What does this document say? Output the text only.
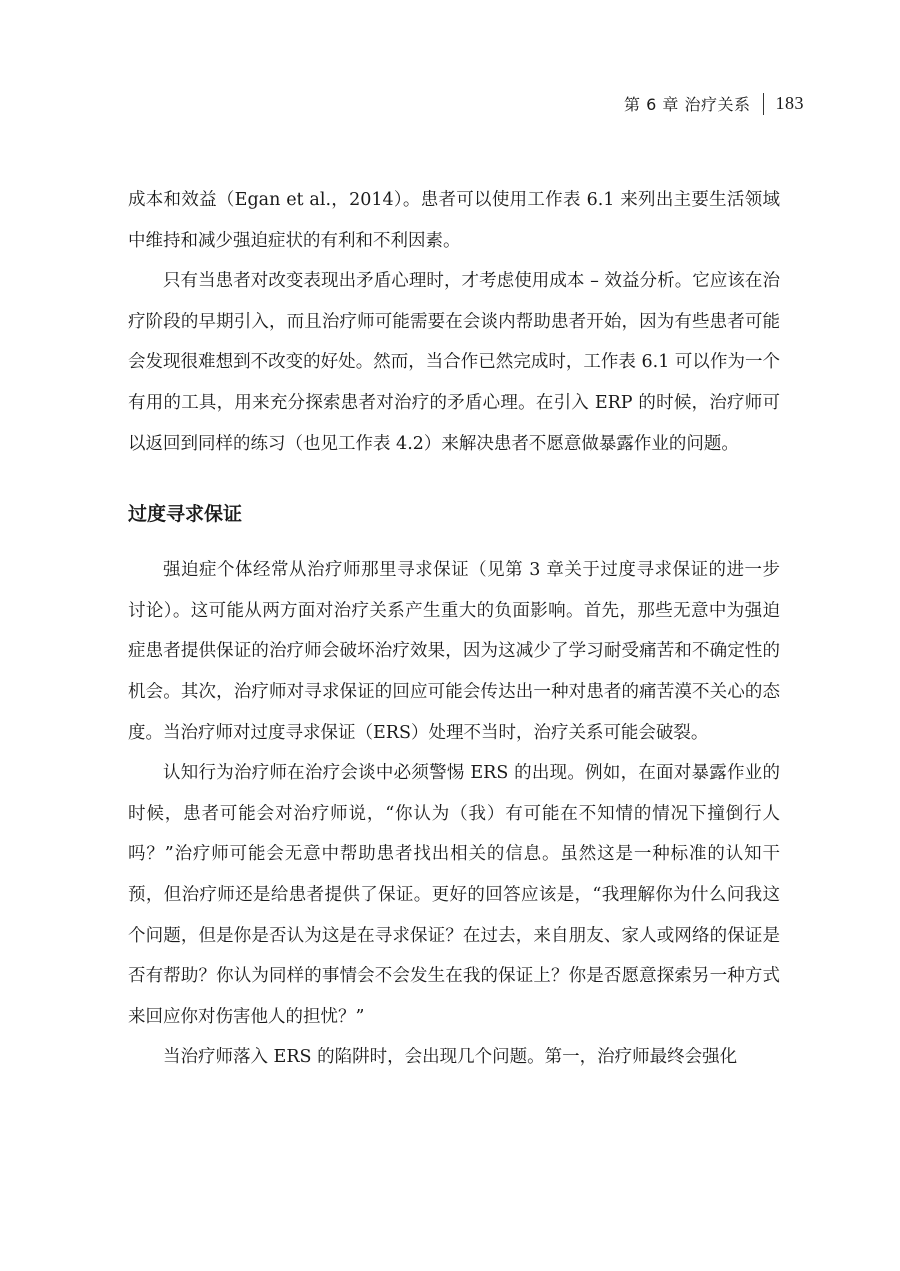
第 6 章 治疗关系 183

成本和效益（Egan et al.，2014）。患者可以使用工作表 6.1 来列出主要生活领域中维持和减少强迫症状的有利和不利因素。

只有当患者对改变表现出矛盾心理时，才考虑使用成本 – 效益分析。它应该在治疗阶段的早期引入，而且治疗师可能需要在会谈内帮助患者开始，因为有些患者可能会发现很难想到不改变的好处。然而，当合作已然完成时，工作表 6.1 可以作为一个有用的工具，用来充分探索患者对治疗的矛盾心理。在引入 ERP 的时候，治疗师可以返回到同样的练习（也见工作表 4.2）来解决患者不愿意做暴露作业的问题。

过度寻求保证

强迫症个体经常从治疗师那里寻求保证（见第 3 章关于过度寻求保证的进一步讨论）。这可能从两方面对治疗关系产生重大的负面影响。首先，那些无意中为强迫症患者提供保证的治疗师会破坏治疗效果，因为这减少了学习耐受痛苦和不确定性的机会。其次，治疗师对寻求保证的回应可能会传达出一种对患者的痛苦漠不关心的态度。当治疗师对过度寻求保证（ERS）处理不当时，治疗关系可能会破裂。

认知行为治疗师在治疗会谈中必须警惕 ERS 的出现。例如，在面对暴露作业的时候，患者可能会对治疗师说，“你认为（我）有可能在不知情的情况下撞倒行人吗？”治疗师可能会无意中帮助患者找出相关的信息。虽然这是一种标准的认知干预，但治疗师还是给患者提供了保证。更好的回答应该是，“我理解你为什么问我这个问题，但是你是否认为这是在寻求保证？在过去，来自朋友、家人或网络的保证是否有帮助？你认为同样的事情会不会发生在我的保证上？你是否愿意探索另一种方式来回应你对伤害他人的担忧？”

当治疗师落入 ERS 的陷阱时，会出现几个问题。第一，治疗师最终会强化
